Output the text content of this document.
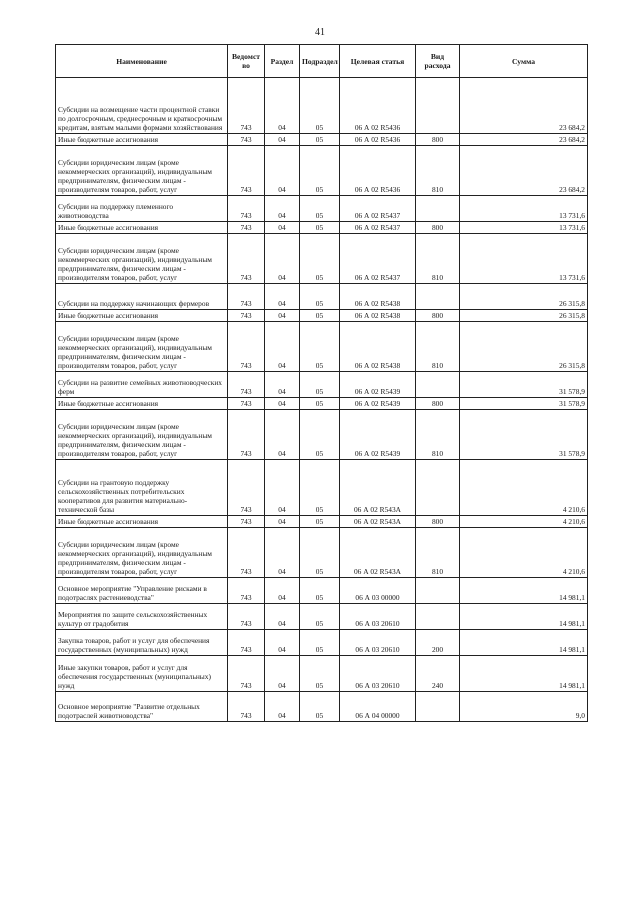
41
Наименование	Ведомст во	Раздел	Подраздел	Целевая статья	Вид расхода	Сумма
Субсидии на возмещение части процентной ставки по долгосрочным, среднесрочным и краткосрочным кредитам, взятым малыми формами хозяйствования	743	04	05	06 А 02 R5436		23 684,2
Иные бюджетные ассигнования	743	04	05	06 А 02 R5436	800	23 684,2
Субсидии юридическим лицам (кроме некоммерческих организаций), индивидуальным предпринимателям, физическим лицам - производителям товаров, работ, услуг	743	04	05	06 А 02 R5436	810	23 684,2
Субсидии на поддержку племенного животноводства	743	04	05	06 А 02 R5437		13 731,6
Иные бюджетные ассигнования	743	04	05	06 А 02 R5437	800	13 731,6
Субсидии юридическим лицам (кроме некоммерческих организаций), индивидуальным предпринимателям, физическим лицам - производителям товаров, работ, услуг	743	04	05	06 А 02 R5437	810	13 731,6
Субсидии на поддержку начинающих фермеров	743	04	05	06 А 02 R5438		26 315,8
Иные бюджетные ассигнования	743	04	05	06 А 02 R5438	800	26 315,8
Субсидии юридическим лицам (кроме некоммерческих организаций), индивидуальным предпринимателям, физическим лицам - производителям товаров, работ, услуг	743	04	05	06 А 02 R5438	810	26 315,8
Субсидии на развитие семейных животноводческих ферм	743	04	05	06 А 02 R5439		31 578,9
Иные бюджетные ассигнования	743	04	05	06 А 02 R5439	800	31 578,9
Субсидии юридическим лицам (кроме некоммерческих организаций), индивидуальным предпринимателям, физическим лицам - производителям товаров, работ, услуг	743	04	05	06 А 02 R5439	810	31 578,9
Субсидии на грантовую поддержку сельскохозяйственных потребительских кооперативов для развития материально-технической базы	743	04	05	06 А 02 R543А		4 210,6
Иные бюджетные ассигнования	743	04	05	06 А 02 R543А	800	4 210,6
Субсидии юридическим лицам (кроме некоммерческих организаций), индивидуальным предпринимателям, физическим лицам - производителям товаров, работ, услуг	743	04	05	06 А 02 R543А	810	4 210,6
Основное мероприятие "Управление рисками в подотраслях растениеводства"	743	04	05	06 А 03 00000		14 981,1
Мероприятия по защите сельскохозяйственных культур от градобития	743	04	05	06 А 03 20610		14 981,1
Закупка товаров, работ и услуг для обеспечения государственных (муниципальных) нужд	743	04	05	06 А 03 20610	200	14 981,1
Иные закупки товаров, работ и услуг для обеспечения государственных (муниципальных) нужд	743	04	05	06 А 03 20610	240	14 981,1
Основное мероприятие "Развитие отдельных подотраслей животноводства"	743	04	05	06 А 04 00000		9,0
